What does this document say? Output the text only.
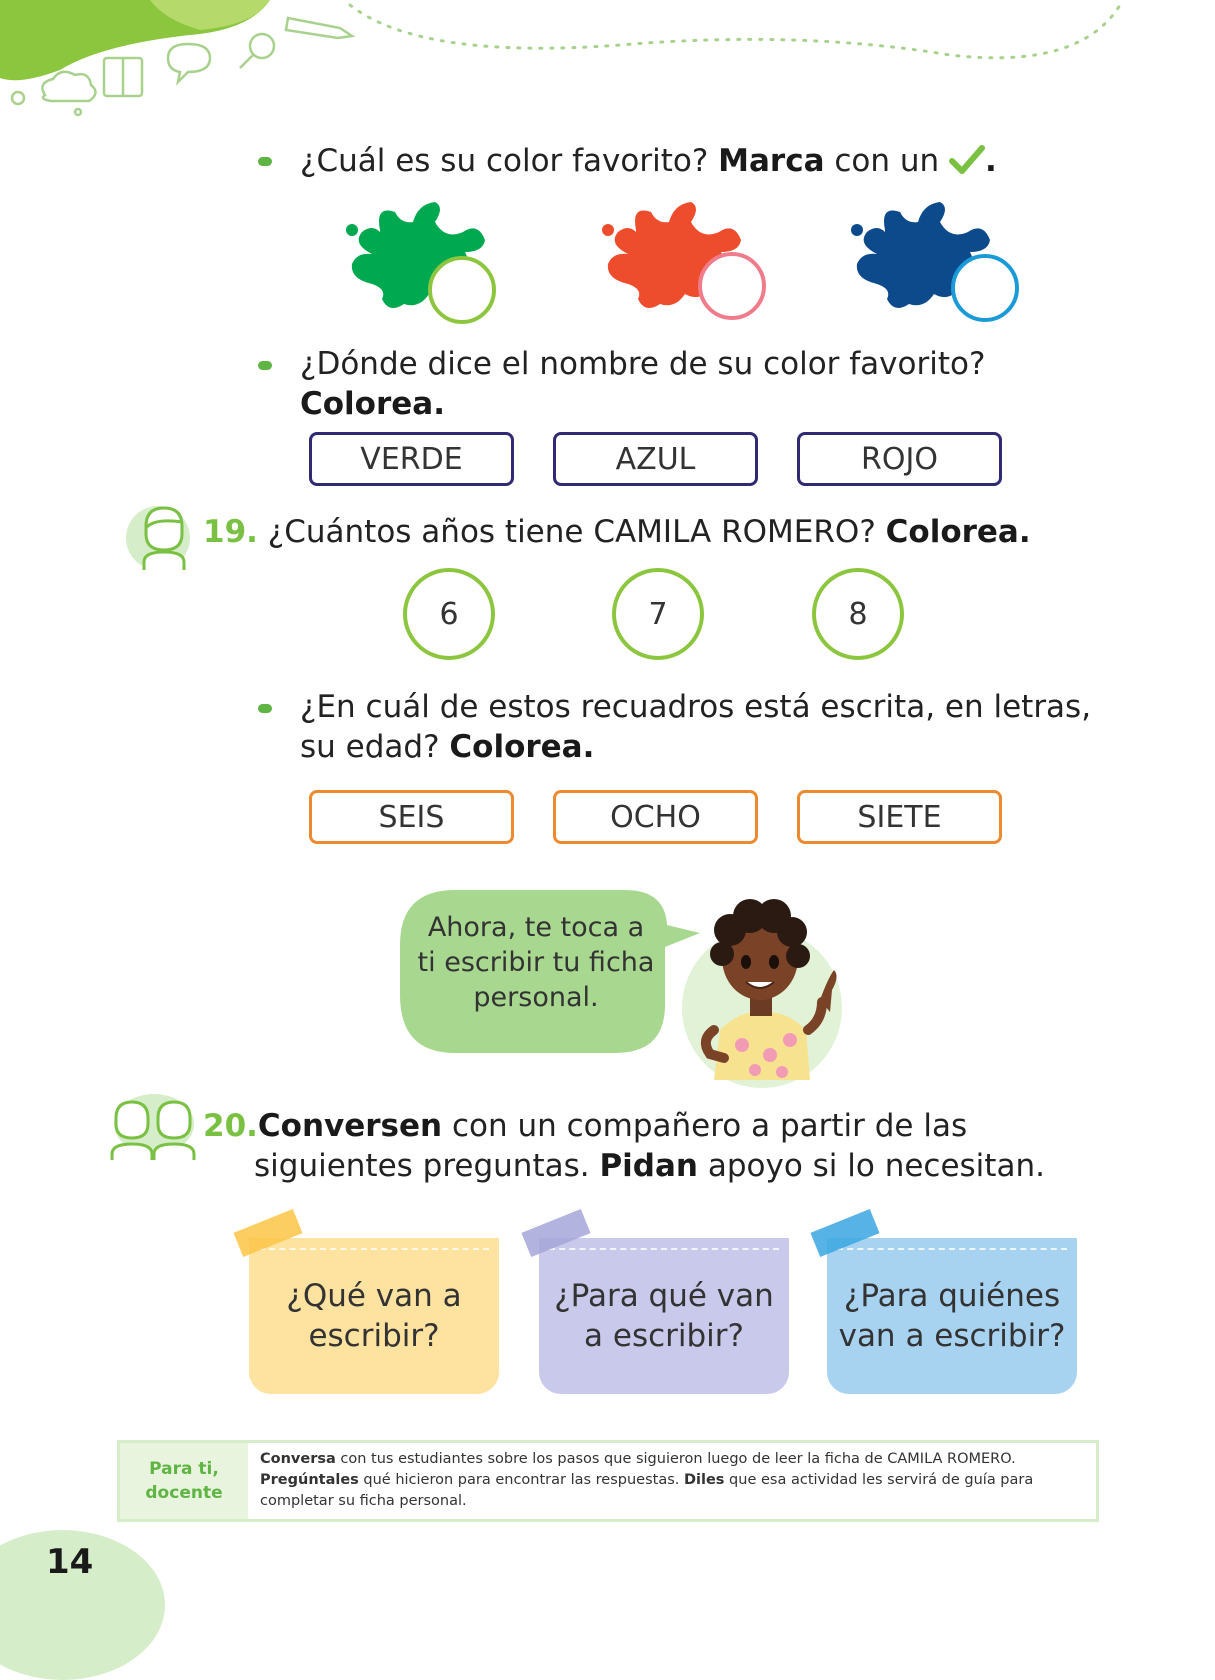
¿Cuál es su color favorito? Marca con un .
¿Dónde dice el nombre de su color favorito?
Colorea.
VERDE	AZUL	ROJO
19. ¿Cuántos años tiene CAMILA ROMERO? Colorea.
6	7	8
¿En cuál de estos recuadros está escrita, en letras,
su edad? Colorea.
SEIS	OCHO	SIETE
Ahora, te toca a
ti escribir tu ficha
personal.
20.Conversen con un compañero a partir de las
siguientes preguntas. Pidan apoyo si lo necesitan.
¿Qué van a
escribir?
¿Para qué van
a escribir?
¿Para quiénes
van a escribir?
Para ti,
docente
Conversa con tus estudiantes sobre los pasos que siguieron luego de leer la ficha de CAMILA ROMERO.
Pregúntales qué hicieron para encontrar las respuestas. Diles que esa actividad les servirá de guía para completar su ficha personal.
14
